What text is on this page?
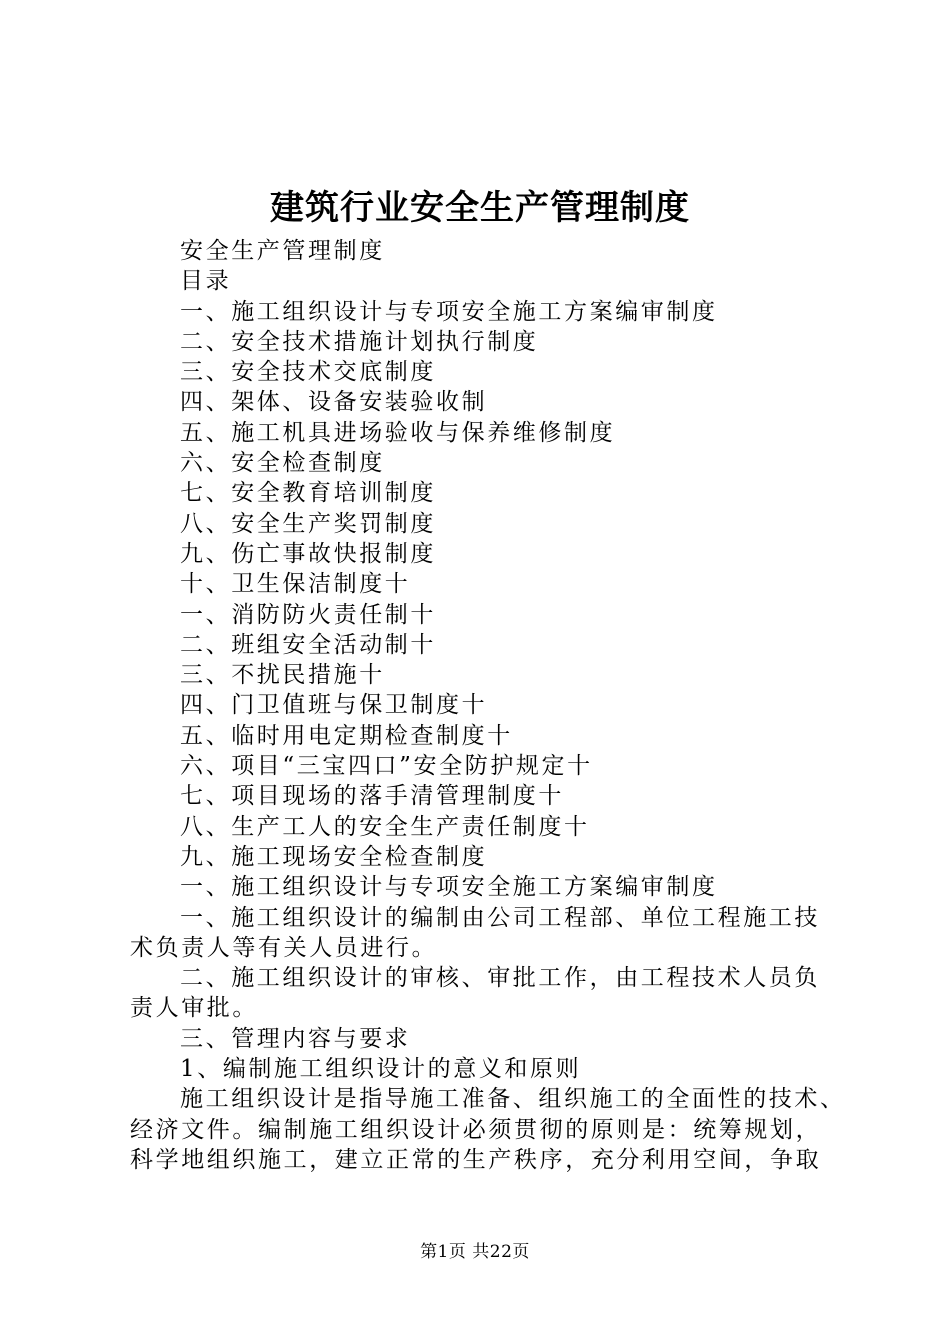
建筑行业安全生产管理制度
安全生产管理制度
目录
一、施工组织设计与专项安全施工方案编审制度
二、安全技术措施计划执行制度
三、安全技术交底制度
四、架体、设备安装验收制
五、施工机具进场验收与保养维修制度
六、安全检查制度
七、安全教育培训制度
八、安全生产奖罚制度
九、伤亡事故快报制度
十、卫生保洁制度十
一、消防防火责任制十
二、班组安全活动制十
三、不扰民措施十
四、门卫值班与保卫制度十
五、临时用电定期检查制度十
六、项目“三宝四口”安全防护规定十
七、项目现场的落手清管理制度十
八、生产工人的安全生产责任制度十
九、施工现场安全检查制度
一、施工组织设计与专项安全施工方案编审制度
一、施工组织设计的编制由公司工程部、单位工程施工技
术负责人等有关人员进行。
二、施工组织设计的审核、审批工作，由工程技术人员负
责人审批。
三、管理内容与要求
1、编制施工组织设计的意义和原则
施工组织设计是指导施工准备、组织施工的全面性的技术、
经济文件。编制施工组织设计必须贯彻的原则是：统筹规划，
科学地组织施工，建立正常的生产秩序，充分利用空间，争取
第1页 共22页
